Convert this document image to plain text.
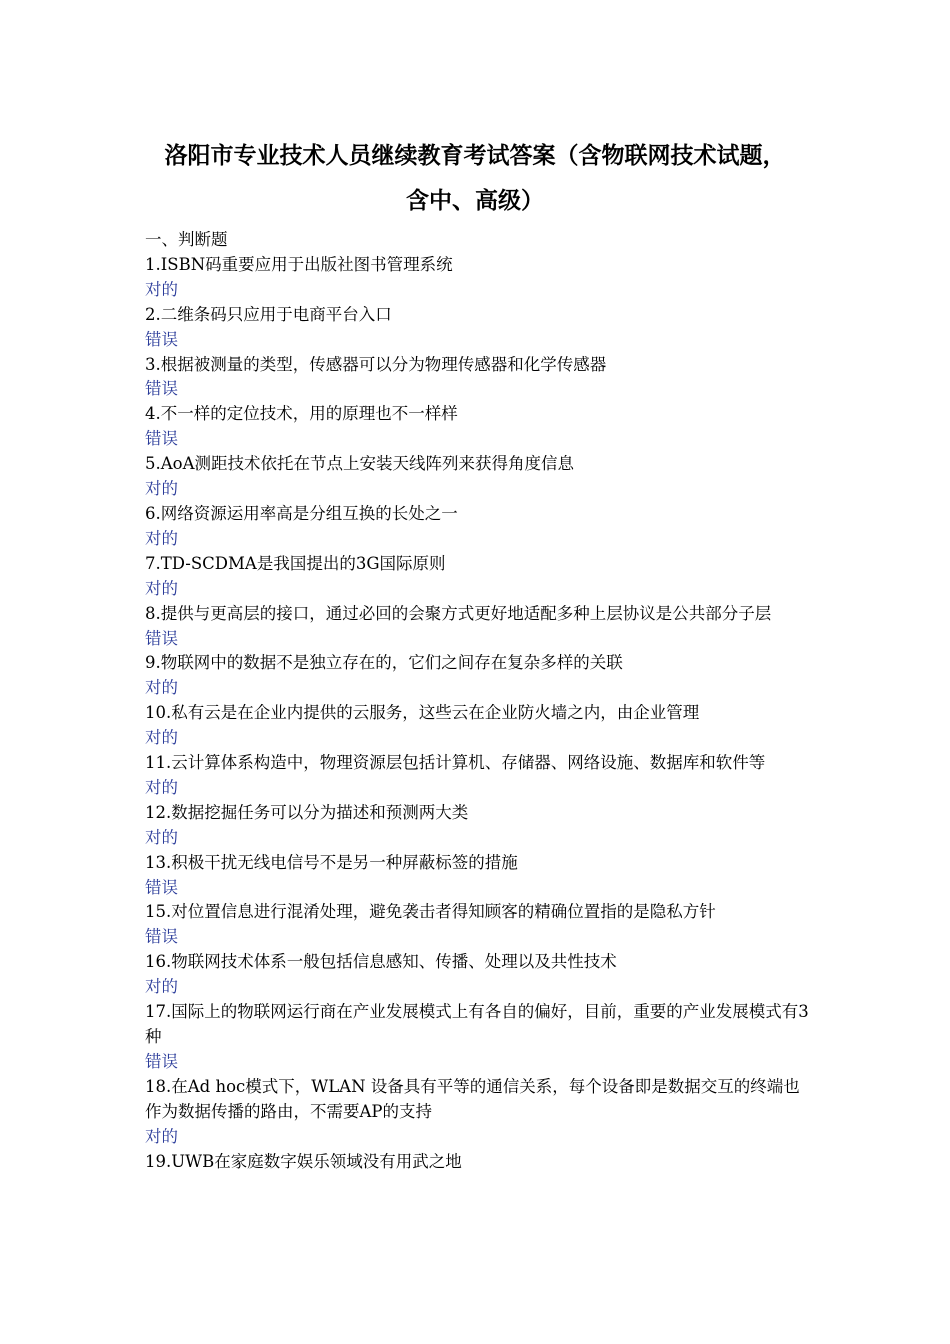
洛阳市专业技术人员继续教育考试答案（含物联网技术试题，
含中、高级）

一、判断题

1.ISBN码重要应用于出版社图书管理系统

对的

2.二维条码只应用于电商平台入口

错误

3.根据被测量的类型，传感器可以分为物理传感器和化学传感器

错误

4.不一样的定位技术，用的原理也不一样样

错误

5.AoA测距技术依托在节点上安装天线阵列来获得角度信息

对的

6.网络资源运用率高是分组互换的长处之一

对的

7.TD-SCDMA是我国提出的3G国际原则

对的

8.提供与更高层的接口，通过必回的会聚方式更好地适配多种上层协议是公共部分子层

错误

9.物联网中的数据不是独立存在的，它们之间存在复杂多样的关联

对的

10.私有云是在企业内提供的云服务，这些云在企业防火墙之内，由企业管理

对的

11.云计算体系构造中，物理资源层包括计算机、存储器、网络设施、数据库和软件等

对的

12.数据挖掘任务可以分为描述和预测两大类

对的

13.积极干扰无线电信号不是另一种屏蔽标签的措施

错误

15.对位置信息进行混淆处理，避免袭击者得知顾客的精确位置指的是隐私方针

错误

16.物联网技术体系一般包括信息感知、传播、处理以及共性技术

对的

17.国际上的物联网运行商在产业发展模式上有各自的偏好，目前，重要的产业发展模式有3种

错误

18.在Ad hoc模式下，WLAN 设备具有平等的通信关系，每个设备即是数据交互的终端也作为数据传播的路由，不需要AP的支持

对的

19.UWB在家庭数字娱乐领域没有用武之地
